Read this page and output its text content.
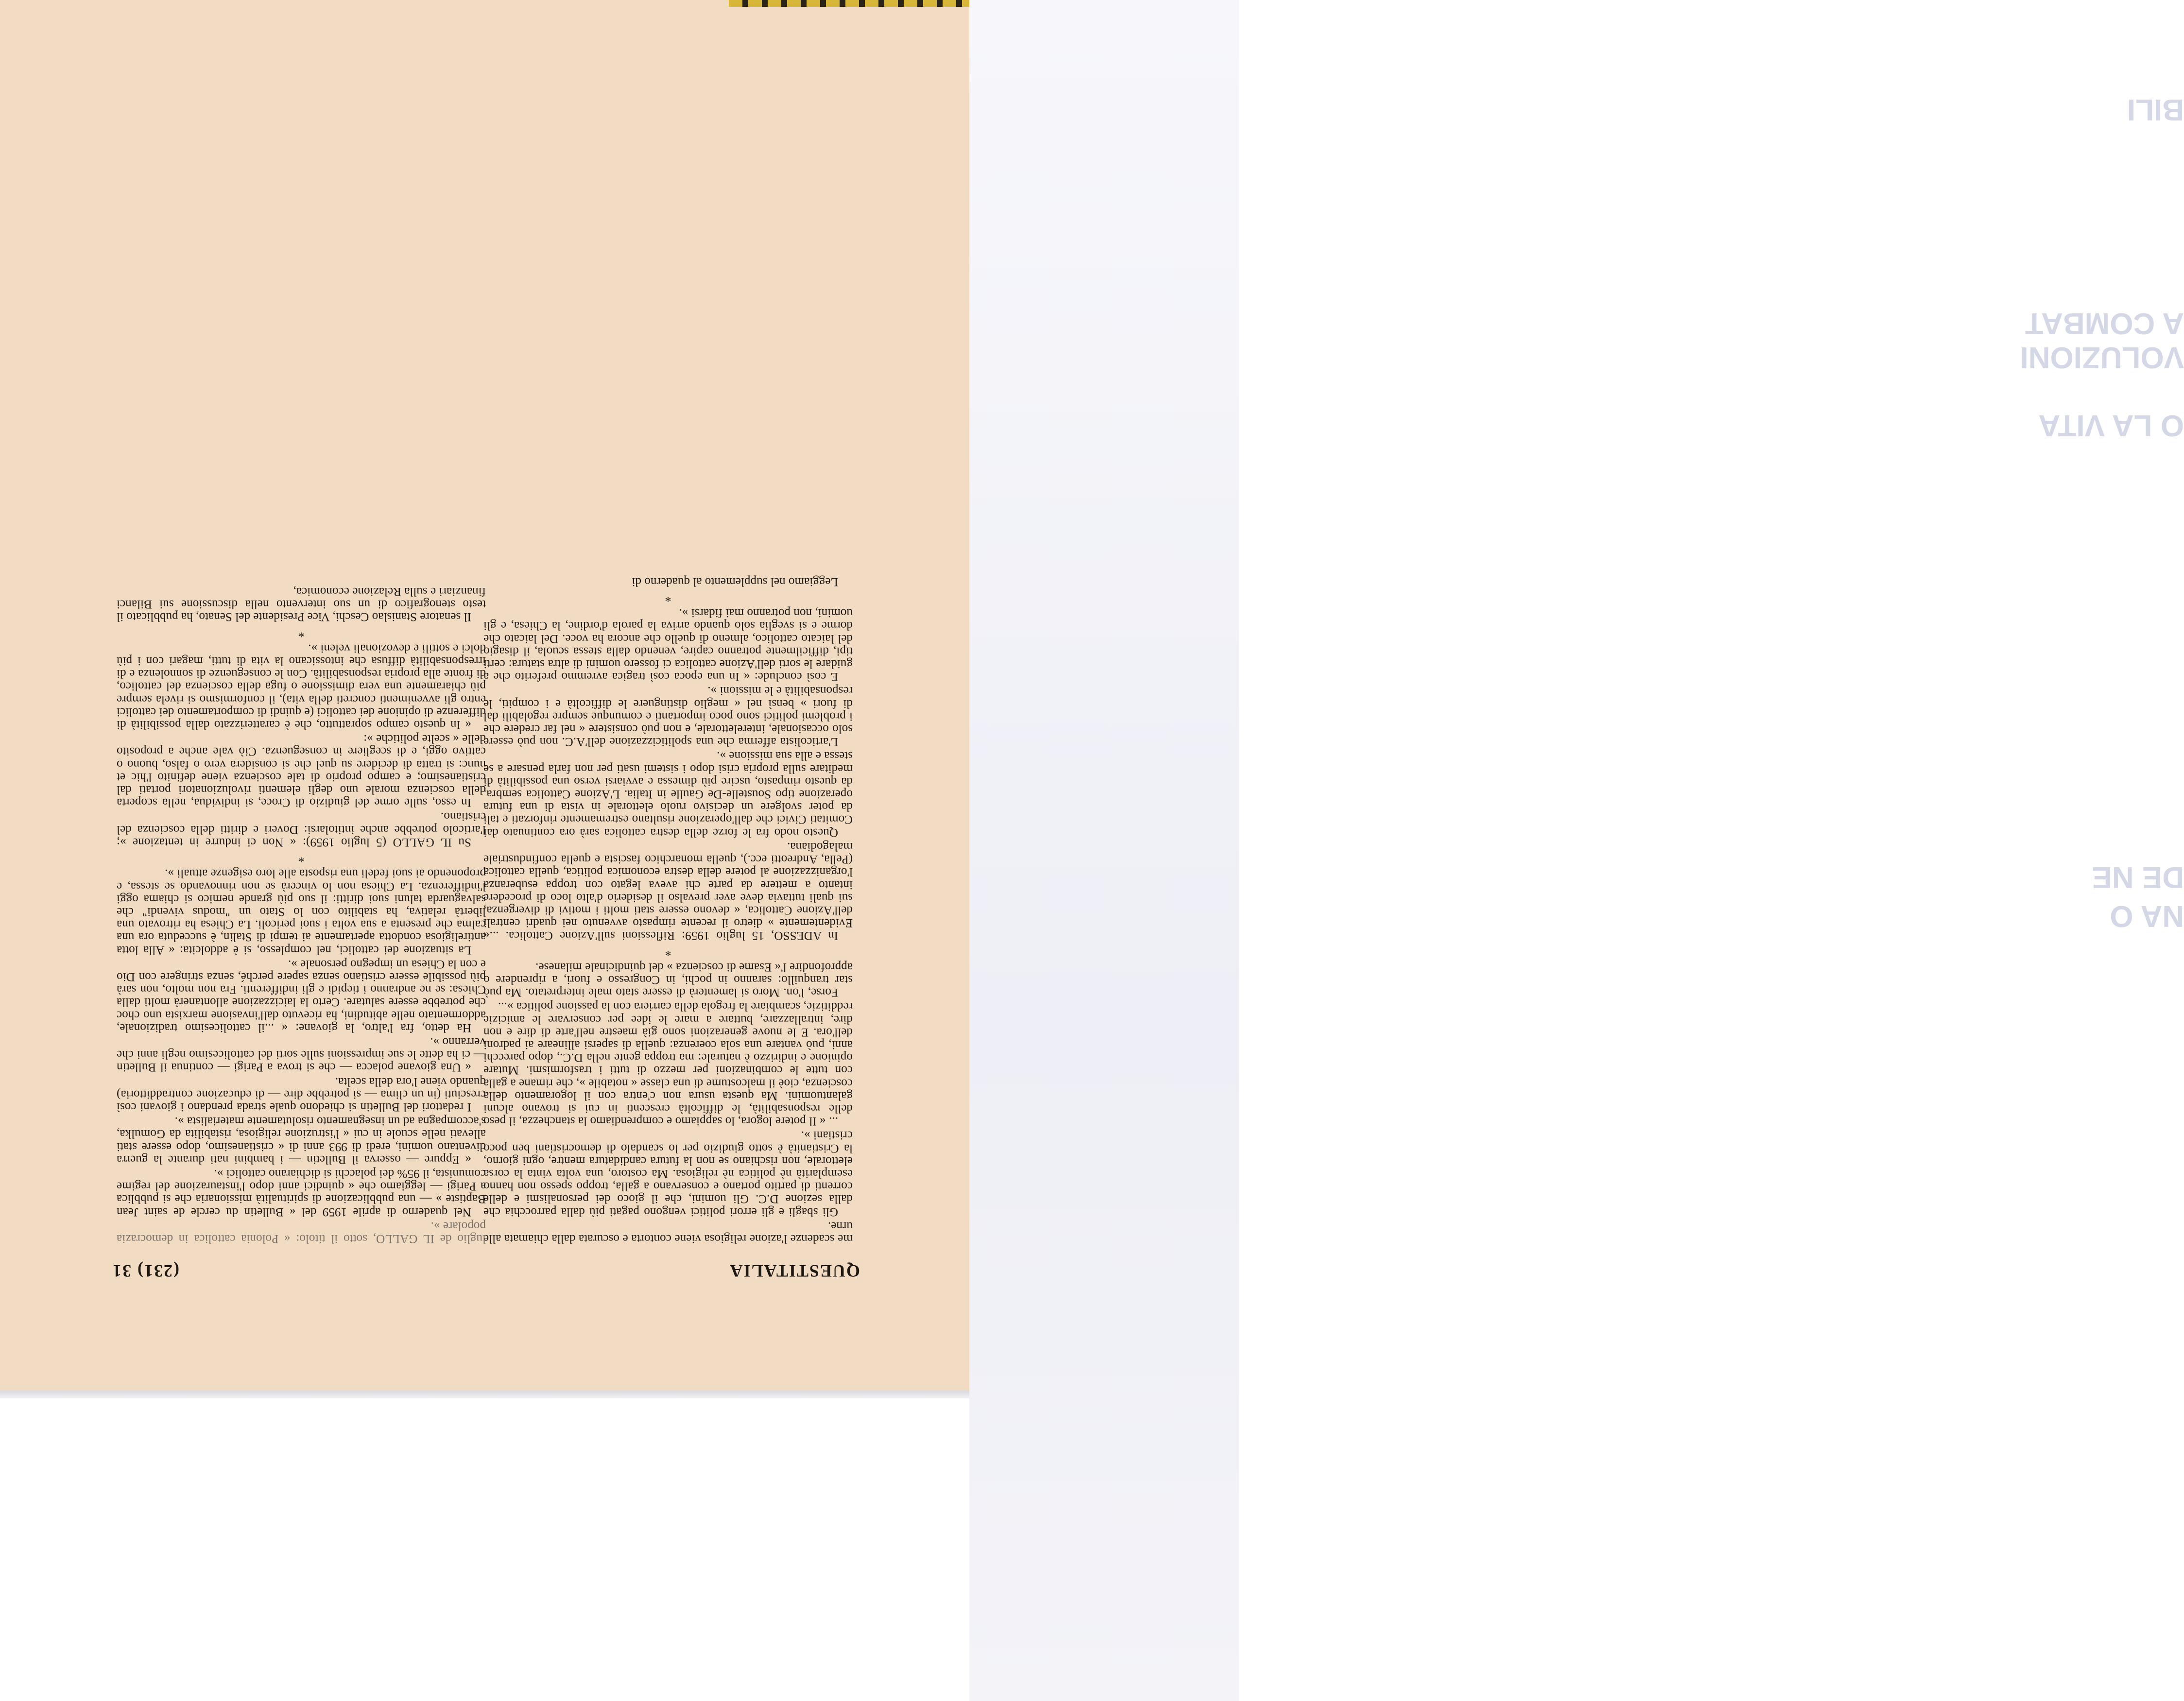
QUESTITALIA
(231) 31

me scadenze l'azione religiosa viene contorta e oscurata dalla chiamata alle urne.

Gli sbagli e gli errori politici vengono pagati più dalla parrocchia che dalla sezione D.C. Gli uomini, che il gioco dei personalismi e delle correnti di partito portano e conservano a galla, troppo spesso non hanno esemplarità nè politica nè religiosa. Ma costoro, una volta vinta la corsa elettorale, non rischiano se non la futura candidatura mentre, ogni giorno, la Cristianità è sotto giudizio per lo scandalo di democristiani ben poco cristiani ».

... « Il potere logora, lo sappiamo e comprendiamo la stanchezza, il peso delle responsabilità, le difficoltà crescenti in cui si trovano alcuni galantuomini. Ma questa usura non c'entra con il logoramento della coscienza, cioè il malcostume di una classe « notabile », che rimane a galla con tutte le combinazioni per mezzo di tutti i trasformismi. Mutare opinione e indirizzo è naturale: ma troppa gente nella D.C., dopo parecchi anni, può vantare una sola coerenza: quella di sapersi allineare ai padroni dell'ora. E le nuove generazioni sono già maestre nell'arte di dire e non dire, intrallazzare, buttare a mare le idee per conservare le amicizie redditizie, scambiare la fregola della carriera con la passione politica »...

Forse, l'on. Moro si lamenterà di essere stato male interpretato. Ma può star tranquillo: saranno in pochi, in Congresso e fuori, a riprendere o approfondire l'« Esame di coscienza » del quindicinale milanese.

*

In ADESSO, 15 luglio 1959: Riflessioni sull'Azione Cattolica. ...« Evidentemente » dietro il recente rimpasto avvenuto nei quadri centrali dell'Azione Cattolica, « devono essere stati molti i motivi di divergenza, sui quali tuttavia deve aver prevalso il desiderio d'alto loco di procedere intanto a mettere da parte chi aveva legato con troppa esuberanza l'organizzazione al potere della destra economica politica, quella cattolica (Pella, Andreotti ecc.), quella monarchico fascista e quella confindustriale malagodiana.

Questo nodo fra le forze della destra cattolica sarà ora continuato dai Comitati Civici che dall'operazione risultano estremamente rinforzati e tali da poter svolgere un decisivo ruolo elettorale in vista di una futura operazione tipo Soustelle-De Gaulle in Italia. L'Azione Cattolica sembra, da questo rimpasto, uscire più dimessa e avviarsi verso una possibilità di meditare sulla propria crisi dopo i sistemi usati per non farla pensare a se stessa e alla sua missione ».

L'articolista afferma che una spoliticizzazione dell'A.C. non può essere solo occasionale, interelettorale, e non può consistere « nel far credere che i problemi politici sono poco importanti e comunque sempre regolabili dal di fuori » bensì nel « meglio distinguere le difficoltà e i compiti, le responsabilità e le missioni ».

E così conclude: « In una epoca così tragica avremmo preferito che a guidare le sorti dell'Azione cattolica ci fossero uomini di altra statura: certi tipi, difficilmente potranno capire, venendo dalla stessa scuola, il disagio del laicato cattolico, almeno di quello che ancora ha voce. Del laicato che dorme e si sveglia solo quando arriva la parola d'ordine, la Chiesa, e gli uomini, non potranno mai fidarsi ».

*

Leggiamo nel supplemento al quaderno di

luglio de IL GALLO, sotto il titolo: « Polonia cattolica in democrazia popolare ».

Nel quaderno di aprile 1959 del « Bulletin du cercle de saint Jean Baptiste » — una pubblicazione di spiritualità missionaria che si pubblica a Parigi — leggiamo che « quindici anni dopo l'instaurazione del regime comunista, il 95% dei polacchi si dichiarano cattolici ».

« Eppure — osserva il Bulletin — i bambini nati durante la guerra diventano uomini, eredi di 993 anni di « cristianesimo, dopo essere stati allevati nelle scuole in cui « l'istruzione religiosa, ristabilita da Gomulka, s'accompagna ad un insegnamento risolutamente materialista ».

I redattori del Bulletin si chiedono quale strada prendano i giovani così cresciuti (in un clima — si potrebbe dire — di educazione contraddittoria) quando viene l'ora della scelta.

« Una giovane polacca — che si trova a Parigi — continua il Bulletin — ci ha dette le sue impressioni sulle sorti del cattolicesimo negli anni che verranno ».

Ha detto, fra l'altro, la giovane: « ...il cattolicesimo tradizionale, addormentato nelle abitudini, ha ricevuto dall'invasione marxista uno choc che potrebbe essere salutare. Certo la laicizzazione allontanerà molti dalla Chiesa: se ne andranno i tiepidi e gli indifferenti. Fra non molto, non sarà più possibile essere cristiano senza sapere perché, senza stringere con Dio e con la Chiesa un impegno personale ».

La situazione dei cattolici, nel complesso, si è addolcita: « Alla lotta antireligiosa condotta apertamente ai tempi di Stalin, è succeduta ora una calma che presenta a sua volta i suoi pericoli. La Chiesa ha ritrovato una libertà relativa, ha stabilito con lo Stato un "modus vivendi" che salvaguarda taluni suoi diritti: il suo più grande nemico si chiama oggi l'indifferenza. La Chiesa non lo vincerà se non rinnovando se stessa, e proponendo ai suoi fedeli una risposta alle loro esigenze attuali ».

*

Su IL GALLO (5 luglio 1959): « Non ci indurre in tentazione »; l'articolo potrebbe anche intitolarsi: Doveri e diritti della coscienza del cristiano.

In esso, sulle orme del giudizio di Croce, si individua, nella scoperta della coscienza morale uno degli elementi rivoluzionatori portati dal cristianesimo; e campo proprio di tale coscienza viene definito l'hic et nunc: si tratta di decidere su quel che si considera vero o falso, buono o cattivo oggi, e di scegliere in conseguenza. Ciò vale anche a proposito delle « scelte politiche »:

« In questo campo soprattutto, che è caratterizzato dalla possibilità di differenze di opinione dei cattolici (e quindi di comportamento dei cattolici entro gli avvenimenti concreti della vita), il conformismo si rivela sempre più chiaramente una vera dimissione o fuga della coscienza del cattolico, di fronte alla propria responsabilità. Con le conseguenze di sonnolenza e di irresponsabilità diffusa che intossicano la vita di tutti, magari con i più dolci e sottili e devozionali veleni ».

*

Il senatore Stanislao Ceschi, Vice Presidente del Senato, ha pubblicato il testo stenografico di un suo intervento nella discussione sui Bilanci finanziari e sulla Relazione economica,

BILI
O LA VITA
A COMBAT
VOLUZIONI
DE NE
NA O
